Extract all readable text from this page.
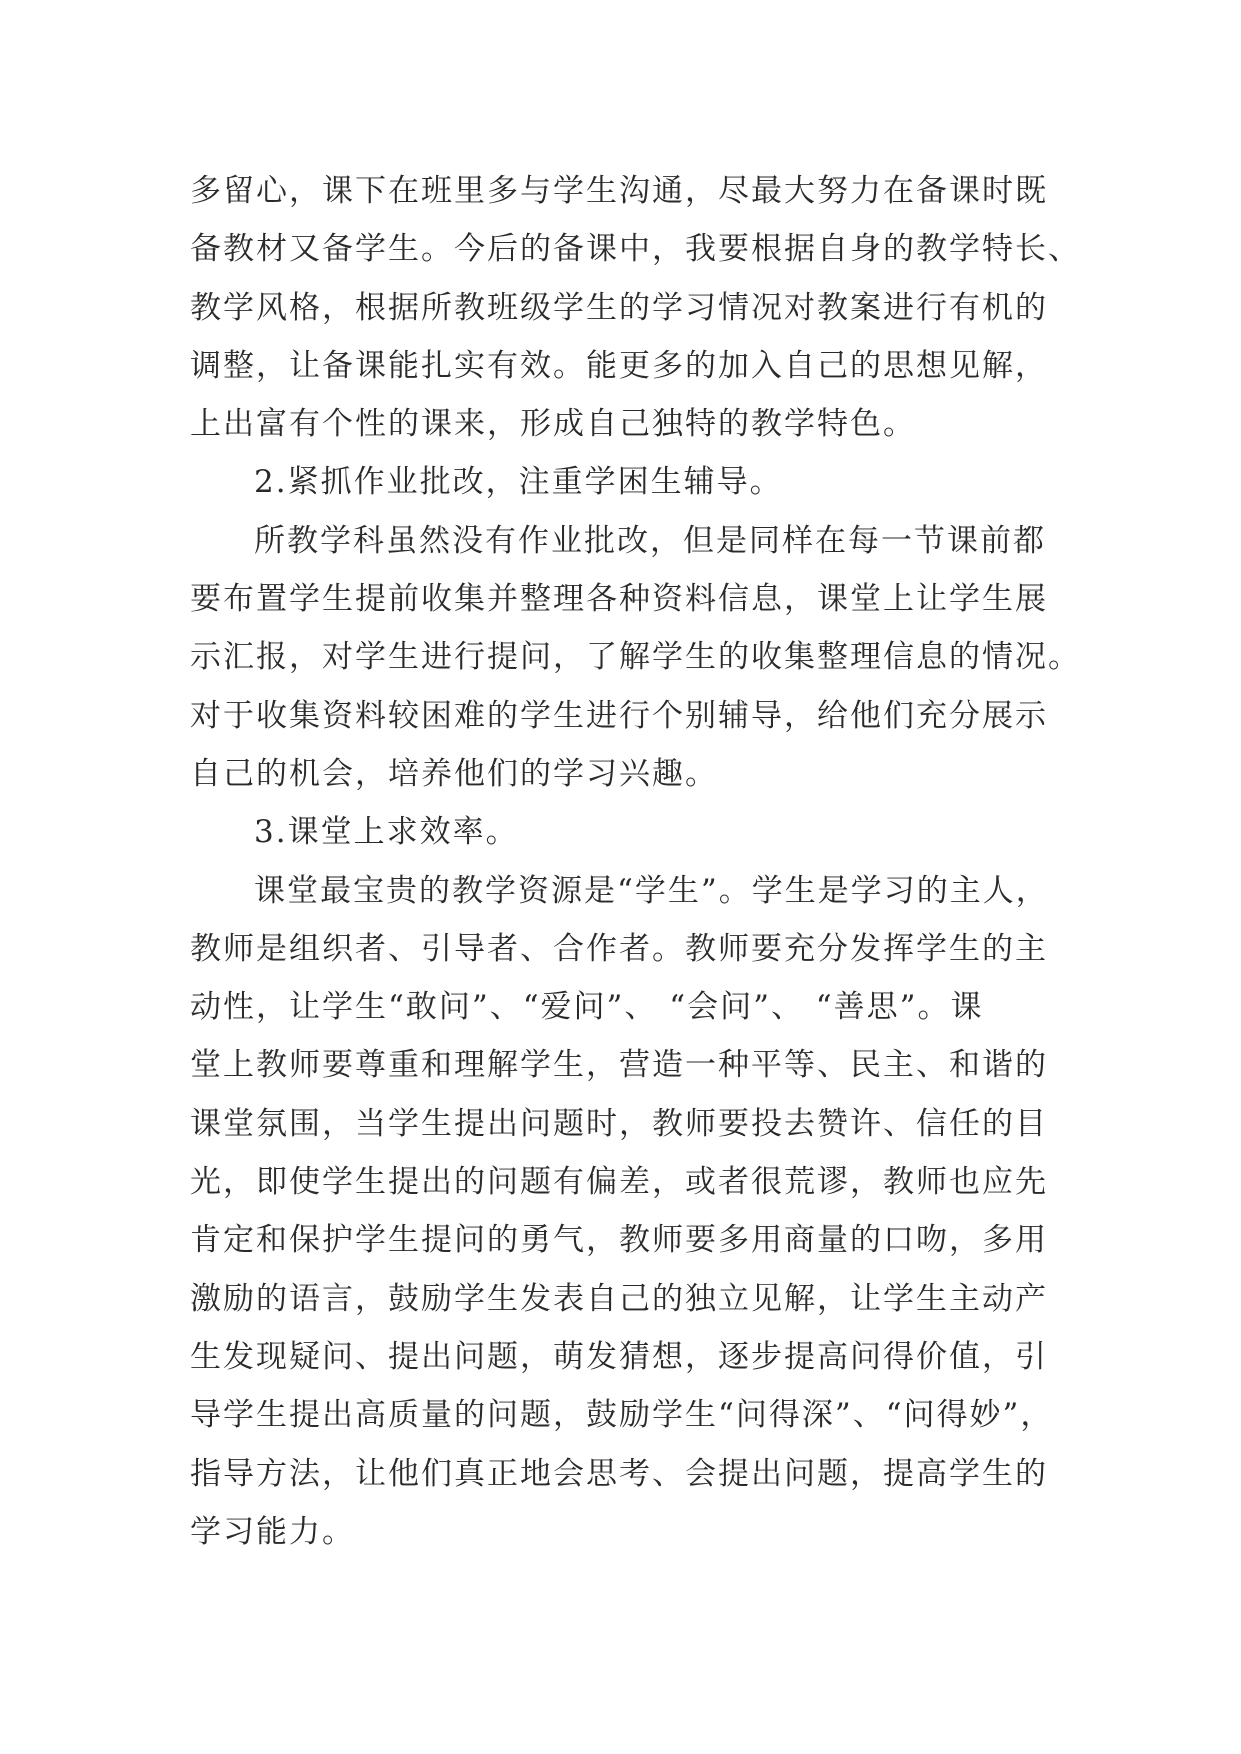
多留心，课下在班里多与学生沟通，尽最大努力在备课时既
备教材又备学生。今后的备课中，我要根据自身的教学特长、
教学风格，根据所教班级学生的学习情况对教案进行有机的
调整，让备课能扎实有效。能更多的加入自己的思想见解，
上出富有个性的课来，形成自己独特的教学特色。
2.紧抓作业批改，注重学困生辅导。
所教学科虽然没有作业批改，但是同样在每一节课前都
要布置学生提前收集并整理各种资料信息，课堂上让学生展
示汇报，对学生进行提问，了解学生的收集整理信息的情况。
对于收集资料较困难的学生进行个别辅导，给他们充分展示
自己的机会，培养他们的学习兴趣。
3.课堂上求效率。
课堂最宝贵的教学资源是“学生”。学生是学习的主人，
教师是组织者、引导者、合作者。教师要充分发挥学生的主
动性，让学生“敢问”、“爱问”、 “会问”、 “善思”。课
堂上教师要尊重和理解学生，营造一种平等、民主、和谐的
课堂氛围，当学生提出问题时，教师要投去赞许、信任的目
光，即使学生提出的问题有偏差，或者很荒谬，教师也应先
肯定和保护学生提问的勇气，教师要多用商量的口吻，多用
激励的语言，鼓励学生发表自己的独立见解，让学生主动产
生发现疑问、提出问题，萌发猜想，逐步提高问得价值，引
导学生提出高质量的问题，鼓励学生“问得深”、“问得妙”，
指导方法，让他们真正地会思考、会提出问题，提高学生的
学习能力。
